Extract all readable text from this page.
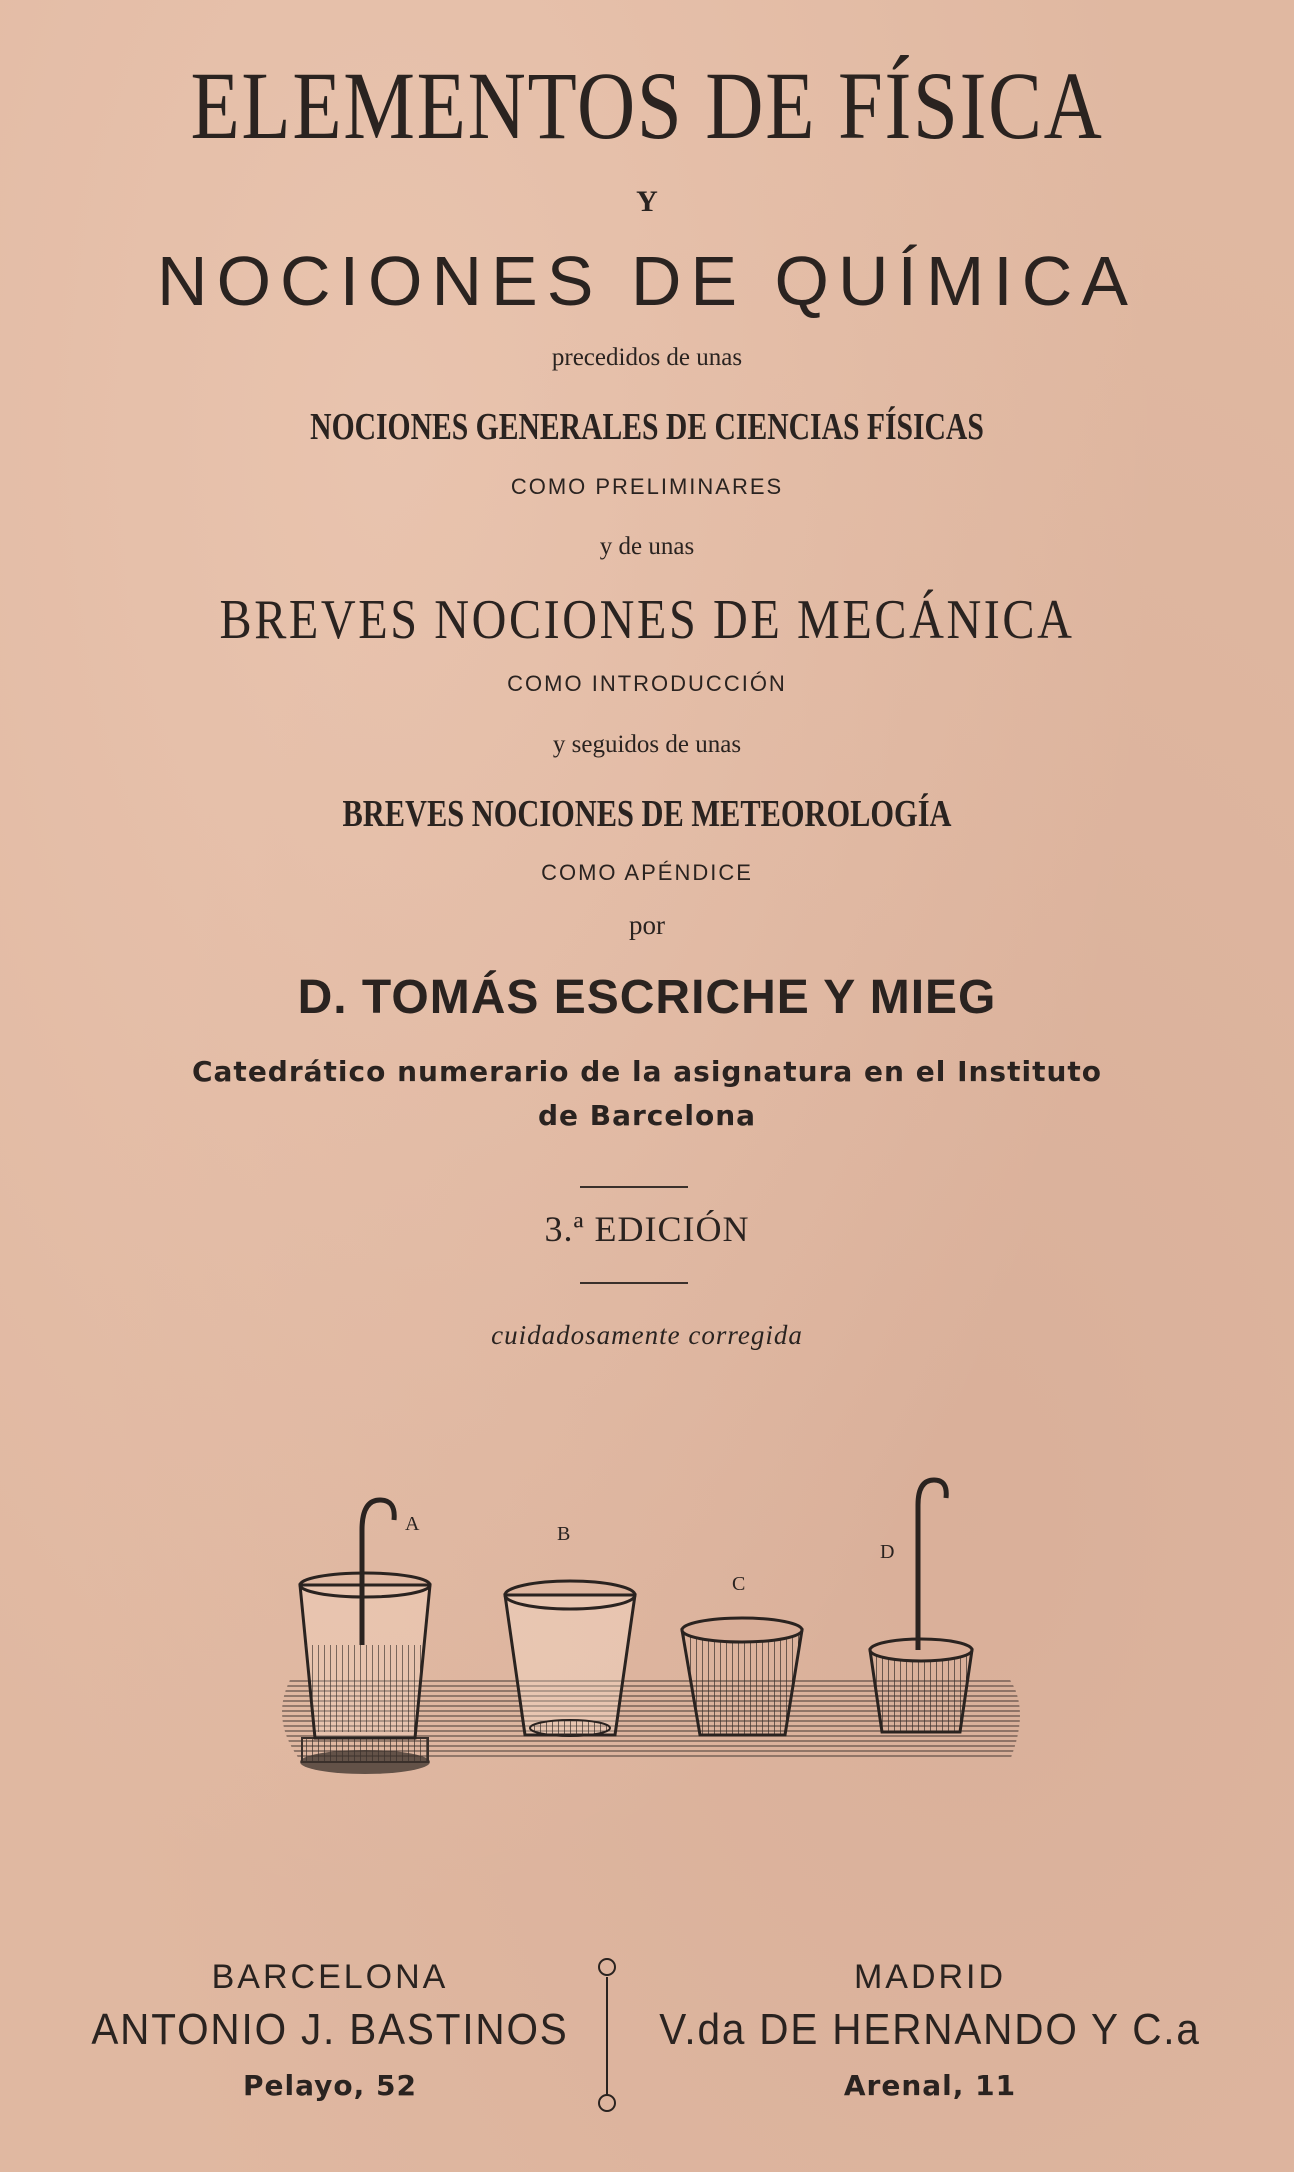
ELEMENTOS DE FÍSICA
Y
NOCIONES DE QUÍMICA
precedidos de unas
NOCIONES GENERALES DE CIENCIAS FÍSICAS
COMO PRELIMINARES
y de unas
BREVES NOCIONES DE MECÁNICA
COMO INTRODUCCIÓN
y seguidos de unas
BREVES NOCIONES DE METEOROLOGÍA
COMO APÉNDICE
por
D. TOMÁS ESCRICHE Y MIEG
Catedrático numerario de la asignatura en el Instituto
de Barcelona
3.ª EDICIÓN
cuidadosamente corregida
A	B
C
D
BARCELONA
ANTONIO J. BASTINOS
Pelayo, 52
MADRID
V.da DE HERNANDO Y C.a
Arenal, 11
